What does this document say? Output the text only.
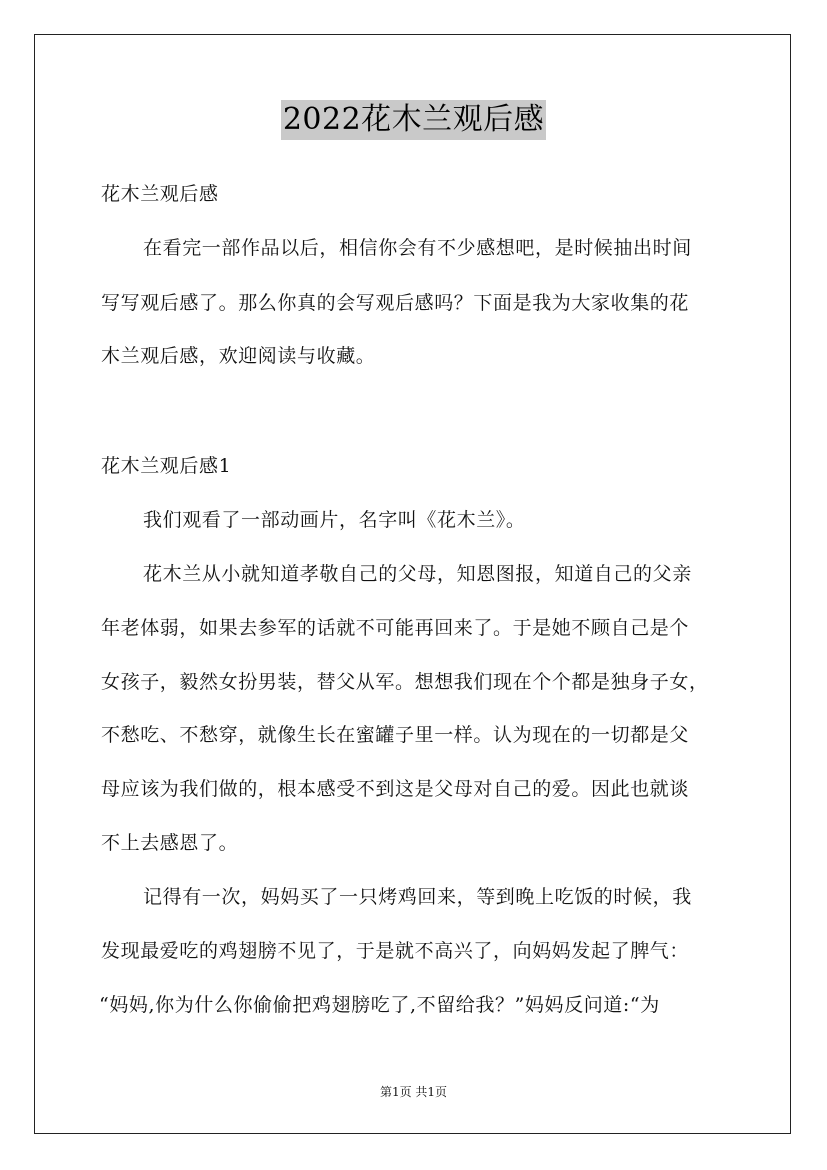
2022花木兰观后感
花木兰观后感
在看完一部作品以后，相信你会有不少感想吧，是时候抽出时间
写写观后感了。那么你真的会写观后感吗？下面是我为大家收集的花
木兰观后感，欢迎阅读与收藏。
花木兰观后感1
我们观看了一部动画片，名字叫《花木兰》。
花木兰从小就知道孝敬自己的父母，知恩图报，知道自己的父亲
年老体弱，如果去参军的话就不可能再回来了。于是她不顾自己是个
女孩子，毅然女扮男装，替父从军。想想我们现在个个都是独身子女，
不愁吃、不愁穿，就像生长在蜜罐子里一样。认为现在的一切都是父
母应该为我们做的，根本感受不到这是父母对自己的爱。因此也就谈
不上去感恩了。
记得有一次，妈妈买了一只烤鸡回来，等到晚上吃饭的时候，我
发现最爱吃的鸡翅膀不见了，于是就不高兴了，向妈妈发起了脾气：
“妈妈,你为什么你偷偷把鸡翅膀吃了,不留给我？”妈妈反问道:“为
第1页 共1页
